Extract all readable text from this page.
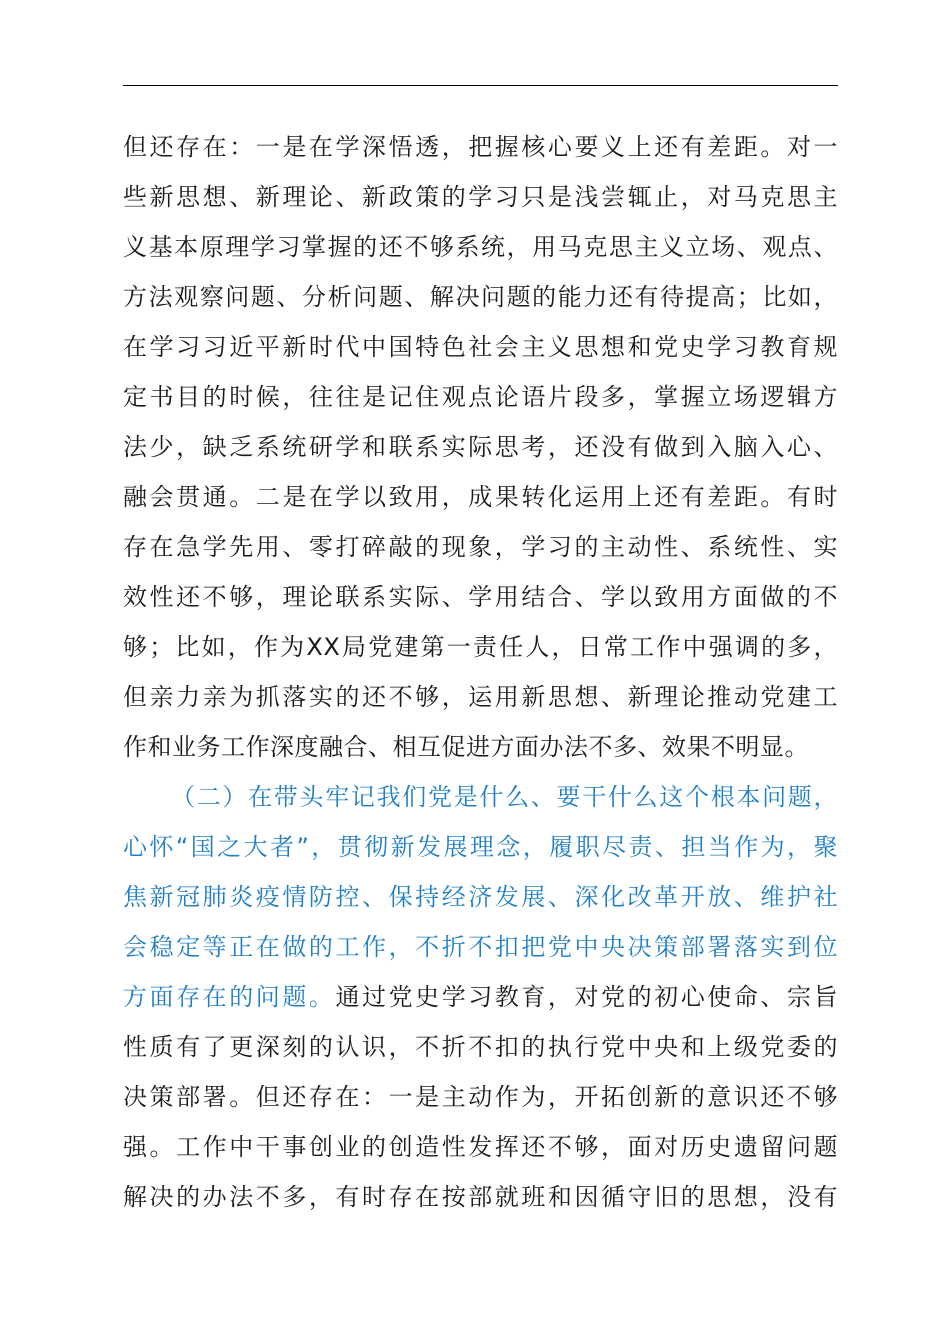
但还存在：一是在学深悟透，把握核心要义上还有差距。对一
些新思想、新理论、新政策的学习只是浅尝辄止，对马克思主
义基本原理学习掌握的还不够系统，用马克思主义立场、观点、
方法观察问题、分析问题、解决问题的能力还有待提高；比如，
在学习习近平新时代中国特色社会主义思想和党史学习教育规
定书目的时候，往往是记住观点论语片段多，掌握立场逻辑方
法少，缺乏系统研学和联系实际思考，还没有做到入脑入心、
融会贯通。二是在学以致用，成果转化运用上还有差距。有时
存在急学先用、零打碎敲的现象，学习的主动性、系统性、实
效性还不够，理论联系实际、学用结合、学以致用方面做的不
够；比如，作为XX局党建第一责任人，日常工作中强调的多，
但亲力亲为抓落实的还不够，运用新思想、新理论推动党建工
作和业务工作深度融合、相互促进方面办法不多、效果不明显。
（二）在带头牢记我们党是什么、要干什么这个根本问题，
心怀“国之大者”，贯彻新发展理念，履职尽责、担当作为，聚
焦新冠肺炎疫情防控、保持经济发展、深化改革开放、维护社
会稳定等正在做的工作，不折不扣把党中央决策部署落实到位
方面存在的问题。通过党史学习教育，对党的初心使命、宗旨
性质有了更深刻的认识，不折不扣的执行党中央和上级党委的
决策部署。但还存在：一是主动作为，开拓创新的意识还不够
强。工作中干事创业的创造性发挥还不够，面对历史遗留问题
解决的办法不多，有时存在按部就班和因循守旧的思想，没有
